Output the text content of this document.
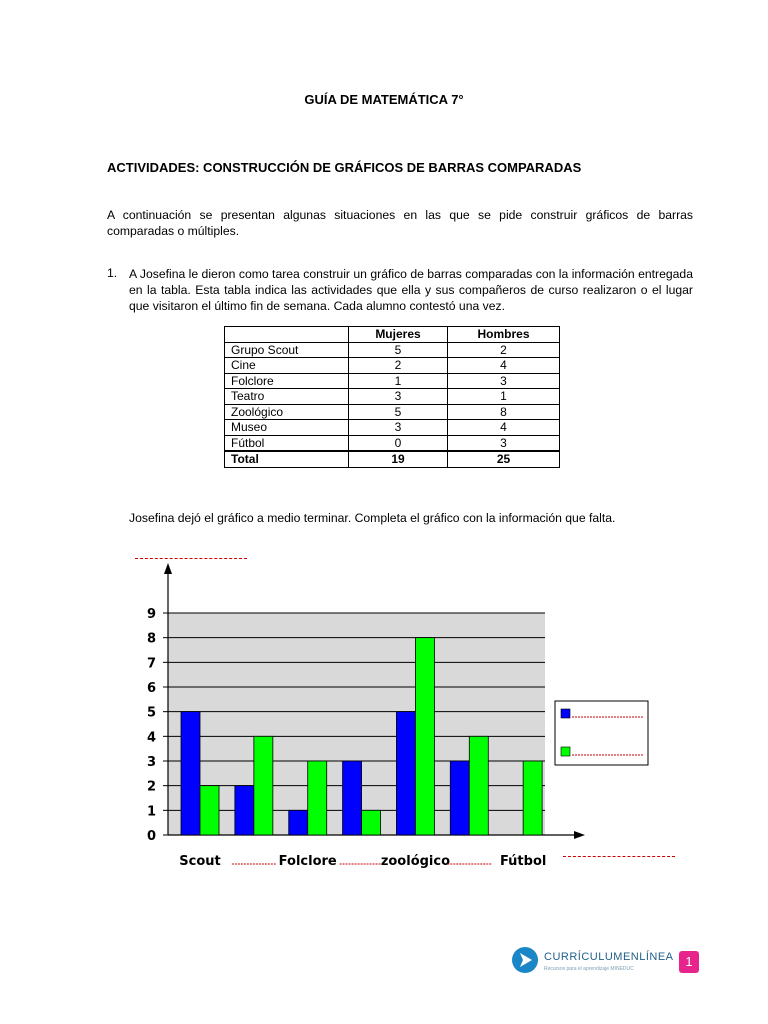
GUÍA DE MATEMÁTICA 7°
ACTIVIDADES: CONSTRUCCIÓN DE GRÁFICOS DE BARRAS COMPARADAS
A continuación se presentan algunas situaciones en las que se pide construir gráficos de barras comparadas o múltiples.
1. A Josefina le dieron como tarea construir un gráfico de barras comparadas con la información entregada en la tabla. Esta tabla indica las actividades que ella y sus compañeros de curso realizaron o el lugar que visitaron el último fin de semana. Cada alumno contestó una vez.
	Mujeres	Hombres
Grupo Scout	5	2
Cine	2	4
Folclore	1	3
Teatro	3	1
Zoológico	5	8
Museo	3	4
Fútbol	0	3
Total	19	25
Josefina dejó el gráfico a medio terminar. Completa el gráfico con la información que falta.
0
1
2
3
4
5
6
7
8
9
Scout	Folclore	zoológico	Fútbol
CURRÍCULUMENLÍNEA
Recursos para el aprendizaje MINEDUC	1
